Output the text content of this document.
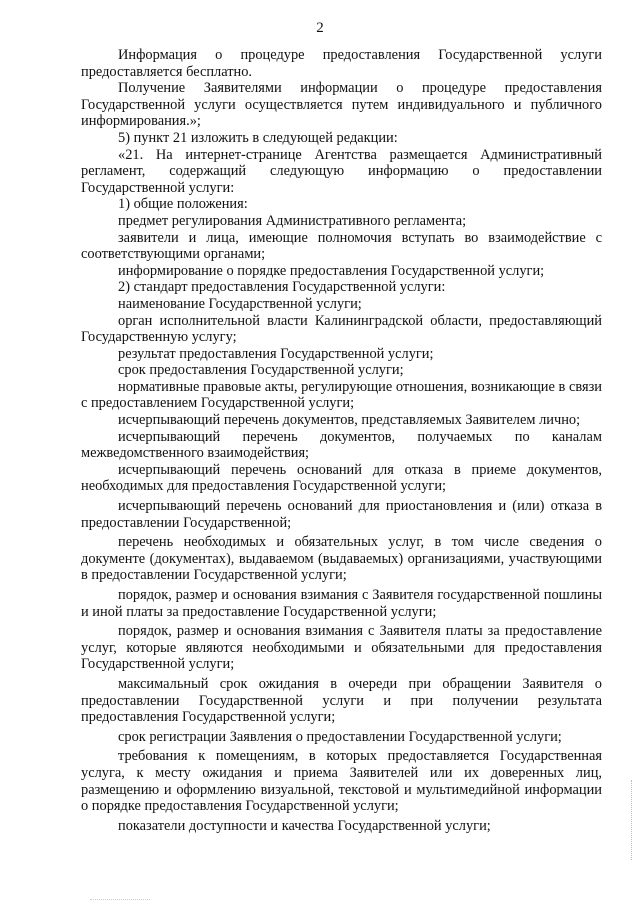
2

Информация о процедуре предоставления Государственной услуги предоставляется бесплатно.

Получение Заявителями информации о процедуре предоставления Государственной услуги осуществляется путем индивидуального и публичного информирования.»;

5) пункт 21 изложить в следующей редакции:

«21. На интернет-странице Агентства размещается Административный регламент, содержащий следующую информацию о предоставлении Государственной услуги:

1) общие положения:

предмет регулирования Административного регламента;

заявители и лица, имеющие полномочия вступать во взаимодействие с соответствующими органами;

информирование о порядке предоставления Государственной услуги;

2) стандарт предоставления Государственной услуги:

наименование Государственной услуги;

орган исполнительной власти Калининградской области, предоставляющий Государственную услугу;

результат предоставления Государственной услуги;

срок предоставления Государственной услуги;

нормативные правовые акты, регулирующие отношения, возникающие в связи с предоставлением Государственной услуги;

исчерпывающий перечень документов, представляемых Заявителем лично;

исчерпывающий перечень документов, получаемых по каналам межведомственного взаимодействия;

исчерпывающий перечень оснований для отказа в приеме документов, необходимых для предоставления Государственной услуги;

исчерпывающий перечень оснований для приостановления и (или) отказа в предоставлении Государственной;

перечень необходимых и обязательных услуг, в том числе сведения о документе (документах), выдаваемом (выдаваемых) организациями, участвующими в предоставлении Государственной услуги;

порядок, размер и основания взимания с Заявителя государственной пошлины и иной платы за предоставление Государственной услуги;

порядок, размер и основания взимания с Заявителя платы за предоставление услуг, которые являются необходимыми и обязательными для предоставления Государственной услуги;

максимальный срок ожидания в очереди при обращении Заявителя о предоставлении Государственной услуги и при получении результата предоставления Государственной услуги;

срок регистрации Заявления о предоставлении Государственной услуги;

требования к помещениям, в которых предоставляется Государственная услуга, к месту ожидания и приема Заявителей или их доверенных лиц, размещению и оформлению визуальной, текстовой и мультимедийной информации о порядке предоставления Государственной услуги;

показатели доступности и качества Государственной услуги;
